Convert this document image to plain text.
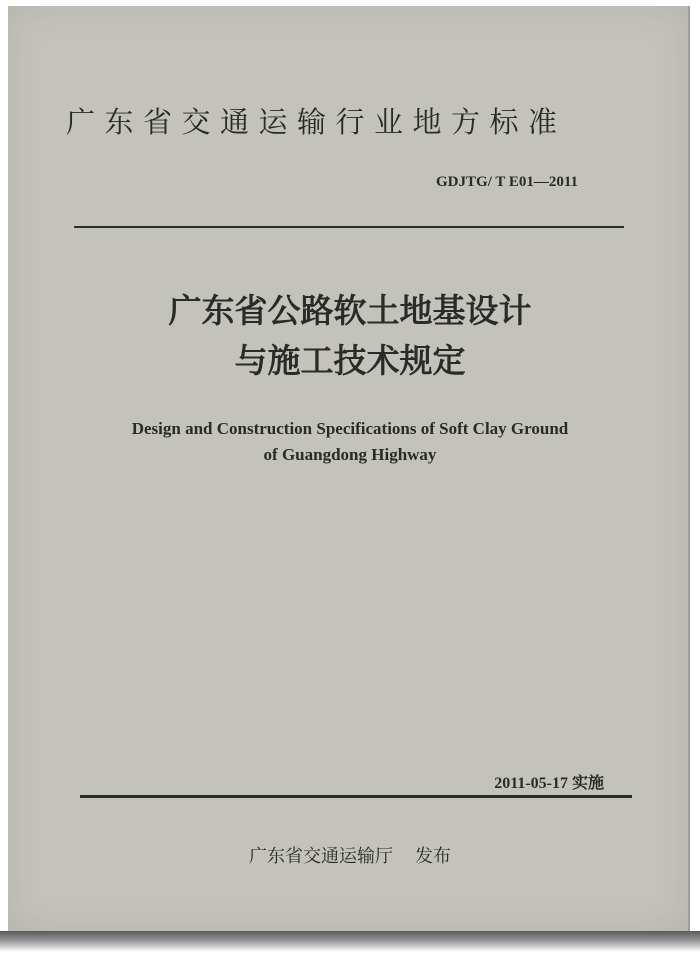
广东省交通运输行业地方标准
GDJTG/ T E01—2011
广东省公路软土地基设计
与施工技术规定
Design and Construction Specifications of Soft Clay Ground
of Guangdong Highway
2011-05-17 实施
广东省交通运输厅 发布
